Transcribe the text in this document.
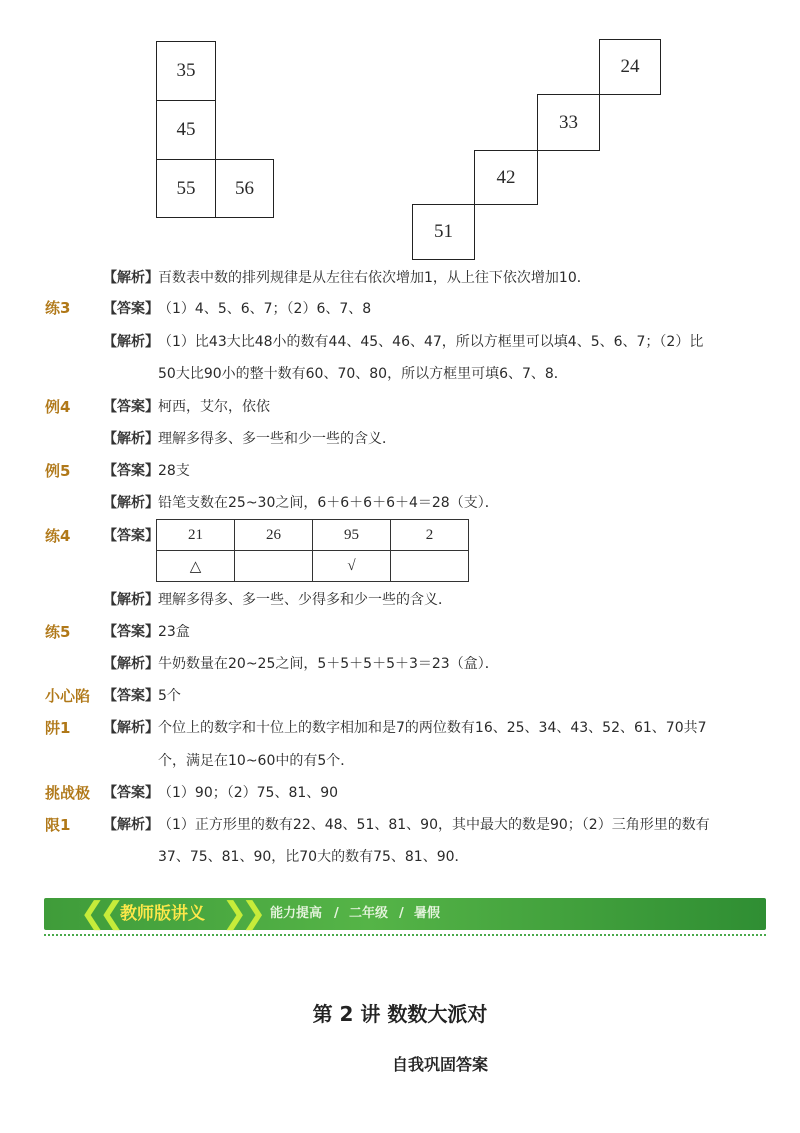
35
45
55	56
24
33
42
51
【解析】 百数表中数的排列规律是从左往右依次增加1，从上往下依次增加10．
练3 【答案】 （1）4、5、6、7；（2）6、7、8
【解析】 （1）比43大比48小的数有44、45、46、47，所以方框里可以填4、5、6、7；（2）比
50大比90小的整十数有60、70、80，所以方框里可填6、7、8．
例4 【答案】 柯西，艾尔，依依
【解析】 理解多得多、多一些和少一些的含义．
例5 【答案】 28支
【解析】 铅笔支数在25~30之间，6＋6＋6＋6＋4＝28（支）．
练4 【答案】 21	26	95	2
△		√	
【解析】 理解多得多、多一些、少得多和少一些的含义．
练5 【答案】 23盒
【解析】 牛奶数量在20~25之间，5＋5＋5＋5＋3＝23（盒）．
小心陷 【答案】 5个
阱1 【解析】 个位上的数字和十位上的数字相加和是7的两位数有16、25、34、43、52、61、70共7
个，满足在10~60中的有5个．
挑战极 【答案】 （1）90；（2）75、81、90
限1 【解析】 （1）正方形里的数有22、48、51、81、90，其中最大的数是90；（2）三角形里的数有
37、75、81、90，比70大的数有75、81、90．
❮❮ 教师版讲义 ❯❯ 能力提高 / 二年级 / 暑假
第 2 讲 数数大派对
自我巩固答案
